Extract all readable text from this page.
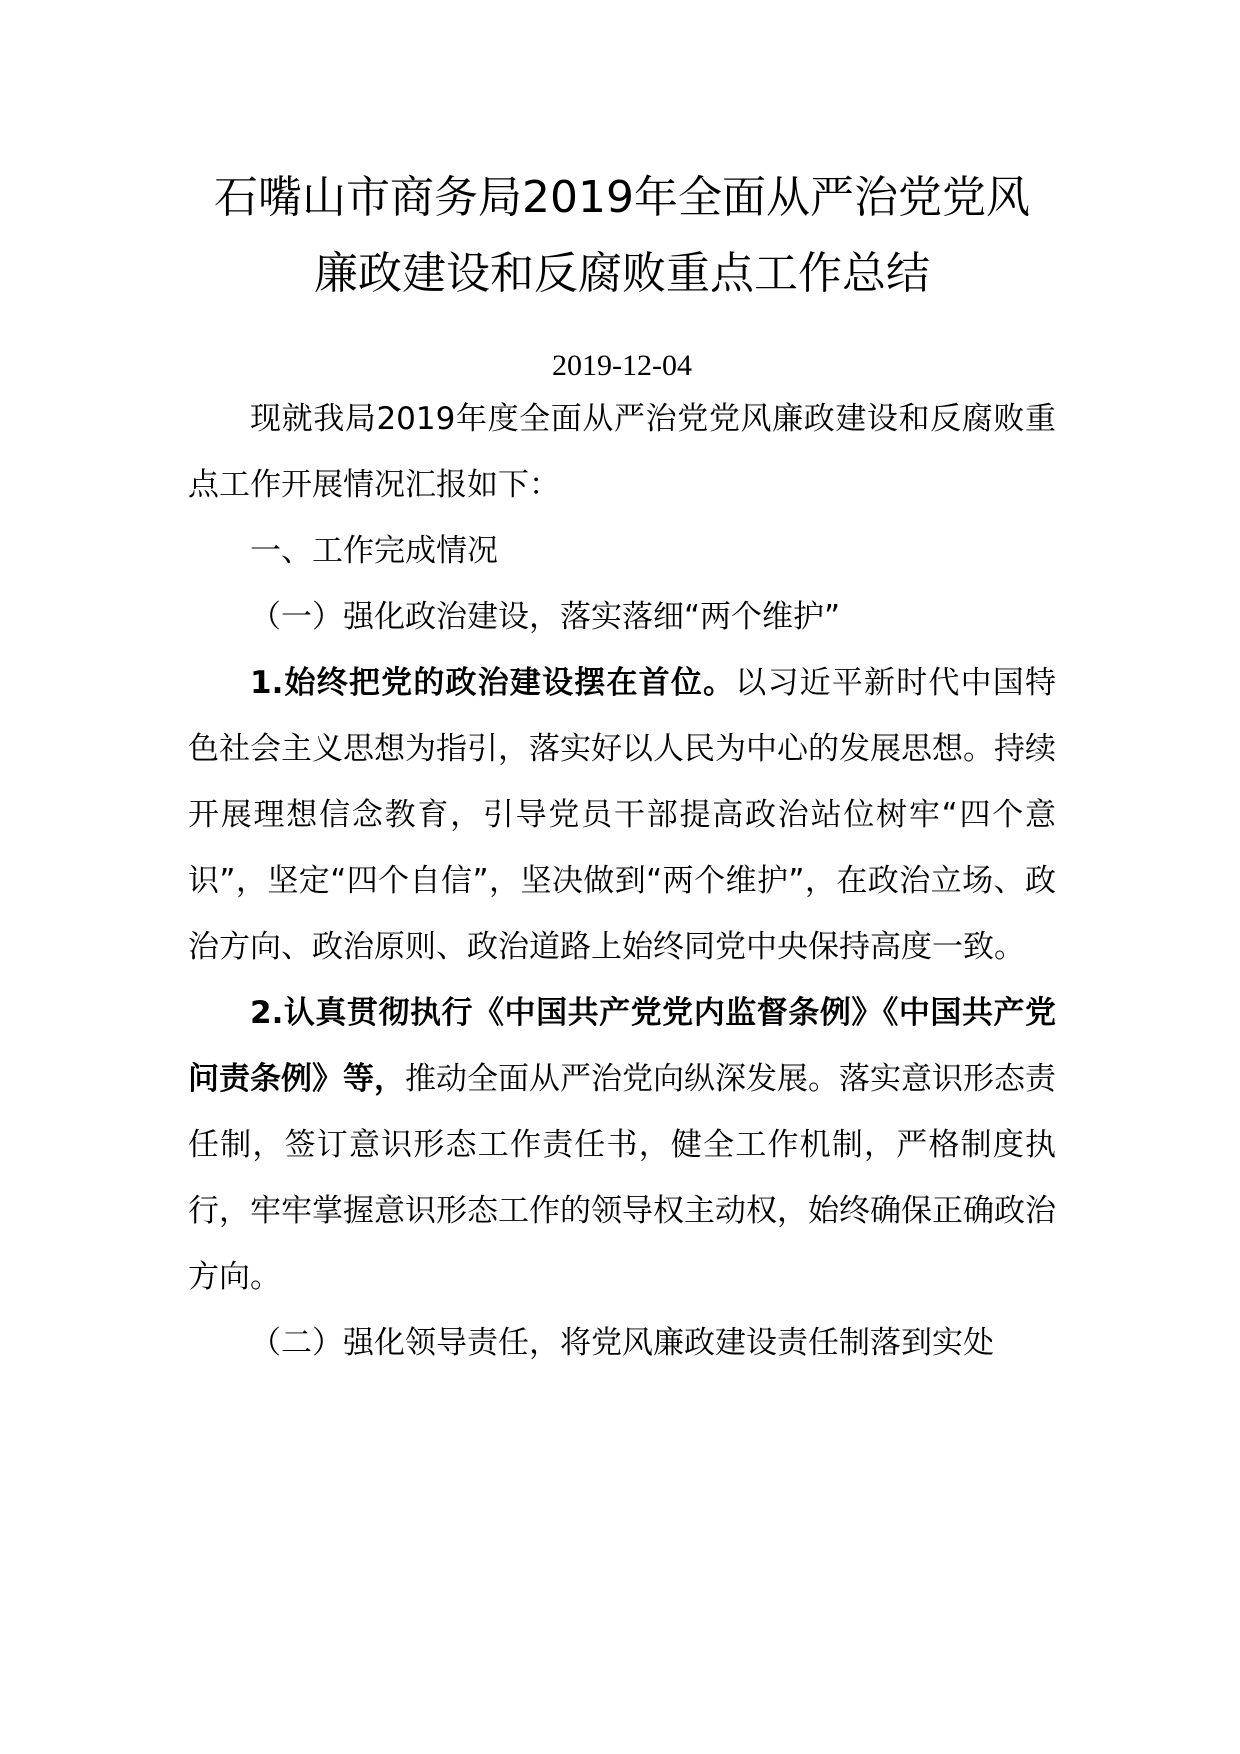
石嘴山市商务局2019年全面从严治党党风
廉政建设和反腐败重点工作总结
2019-12-04

现就我局2019年度全面从严治党党风廉政建设和反腐败重点工作开展情况汇报如下：

一、工作完成情况

（一）强化政治建设，落实落细“两个维护”

1.始终把党的政治建设摆在首位。以习近平新时代中国特色社会主义思想为指引，落实好以人民为中心的发展思想。持续开展理想信念教育，引导党员干部提高政治站位树牢“四个意识”，坚定“四个自信”，坚决做到“两个维护”，在政治立场、政治方向、政治原则、政治道路上始终同党中央保持高度一致。

2.认真贯彻执行《中国共产党党内监督条例》《中国共产党问责条例》等，推动全面从严治党向纵深发展。落实意识形态责任制，签订意识形态工作责任书，健全工作机制，严格制度执行，牢牢掌握意识形态工作的领导权主动权，始终确保正确政治方向。

（二）强化领导责任，将党风廉政建设责任制落到实处
